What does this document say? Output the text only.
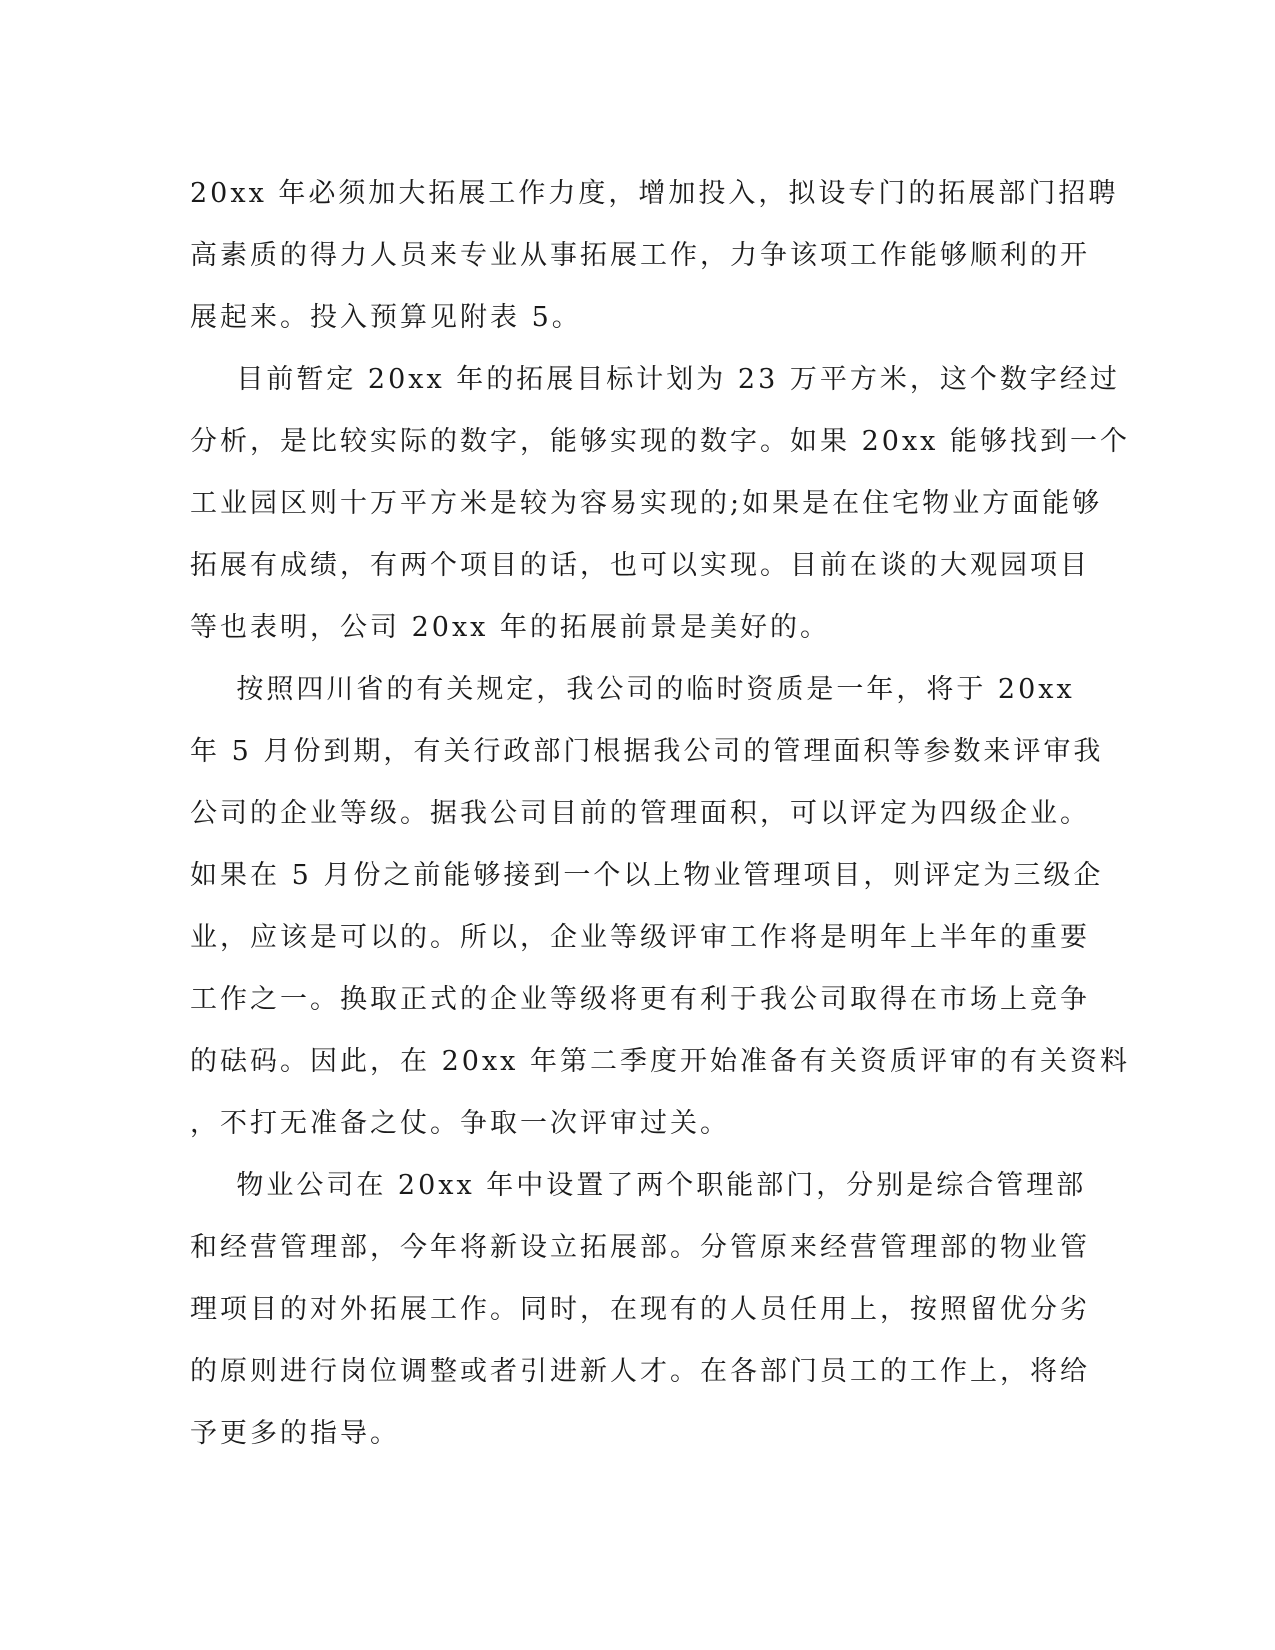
20xx 年必须加大拓展工作力度，增加投入，拟设专门的拓展部门招聘
高素质的得力人员来专业从事拓展工作，力争该项工作能够顺利的开
展起来。投入预算见附表 5。
目前暂定 20xx 年的拓展目标计划为 23 万平方米，这个数字经过
分析，是比较实际的数字，能够实现的数字。如果 20xx 能够找到一个
工业园区则十万平方米是较为容易实现的;如果是在住宅物业方面能够
拓展有成绩，有两个项目的话，也可以实现。目前在谈的大观园项目
等也表明，公司 20xx 年的拓展前景是美好的。
按照四川省的有关规定，我公司的临时资质是一年，将于 20xx
年 5 月份到期，有关行政部门根据我公司的管理面积等参数来评审我
公司的企业等级。据我公司目前的管理面积，可以评定为四级企业。
如果在 5 月份之前能够接到一个以上物业管理项目，则评定为三级企
业，应该是可以的。所以，企业等级评审工作将是明年上半年的重要
工作之一。换取正式的企业等级将更有利于我公司取得在市场上竞争
的砝码。因此，在 20xx 年第二季度开始准备有关资质评审的有关资料
，不打无准备之仗。争取一次评审过关。
物业公司在 20xx 年中设置了两个职能部门，分别是综合管理部
和经营管理部，今年将新设立拓展部。分管原来经营管理部的物业管
理项目的对外拓展工作。同时，在现有的人员任用上，按照留优分劣
的原则进行岗位调整或者引进新人才。在各部门员工的工作上，将给
予更多的指导。
